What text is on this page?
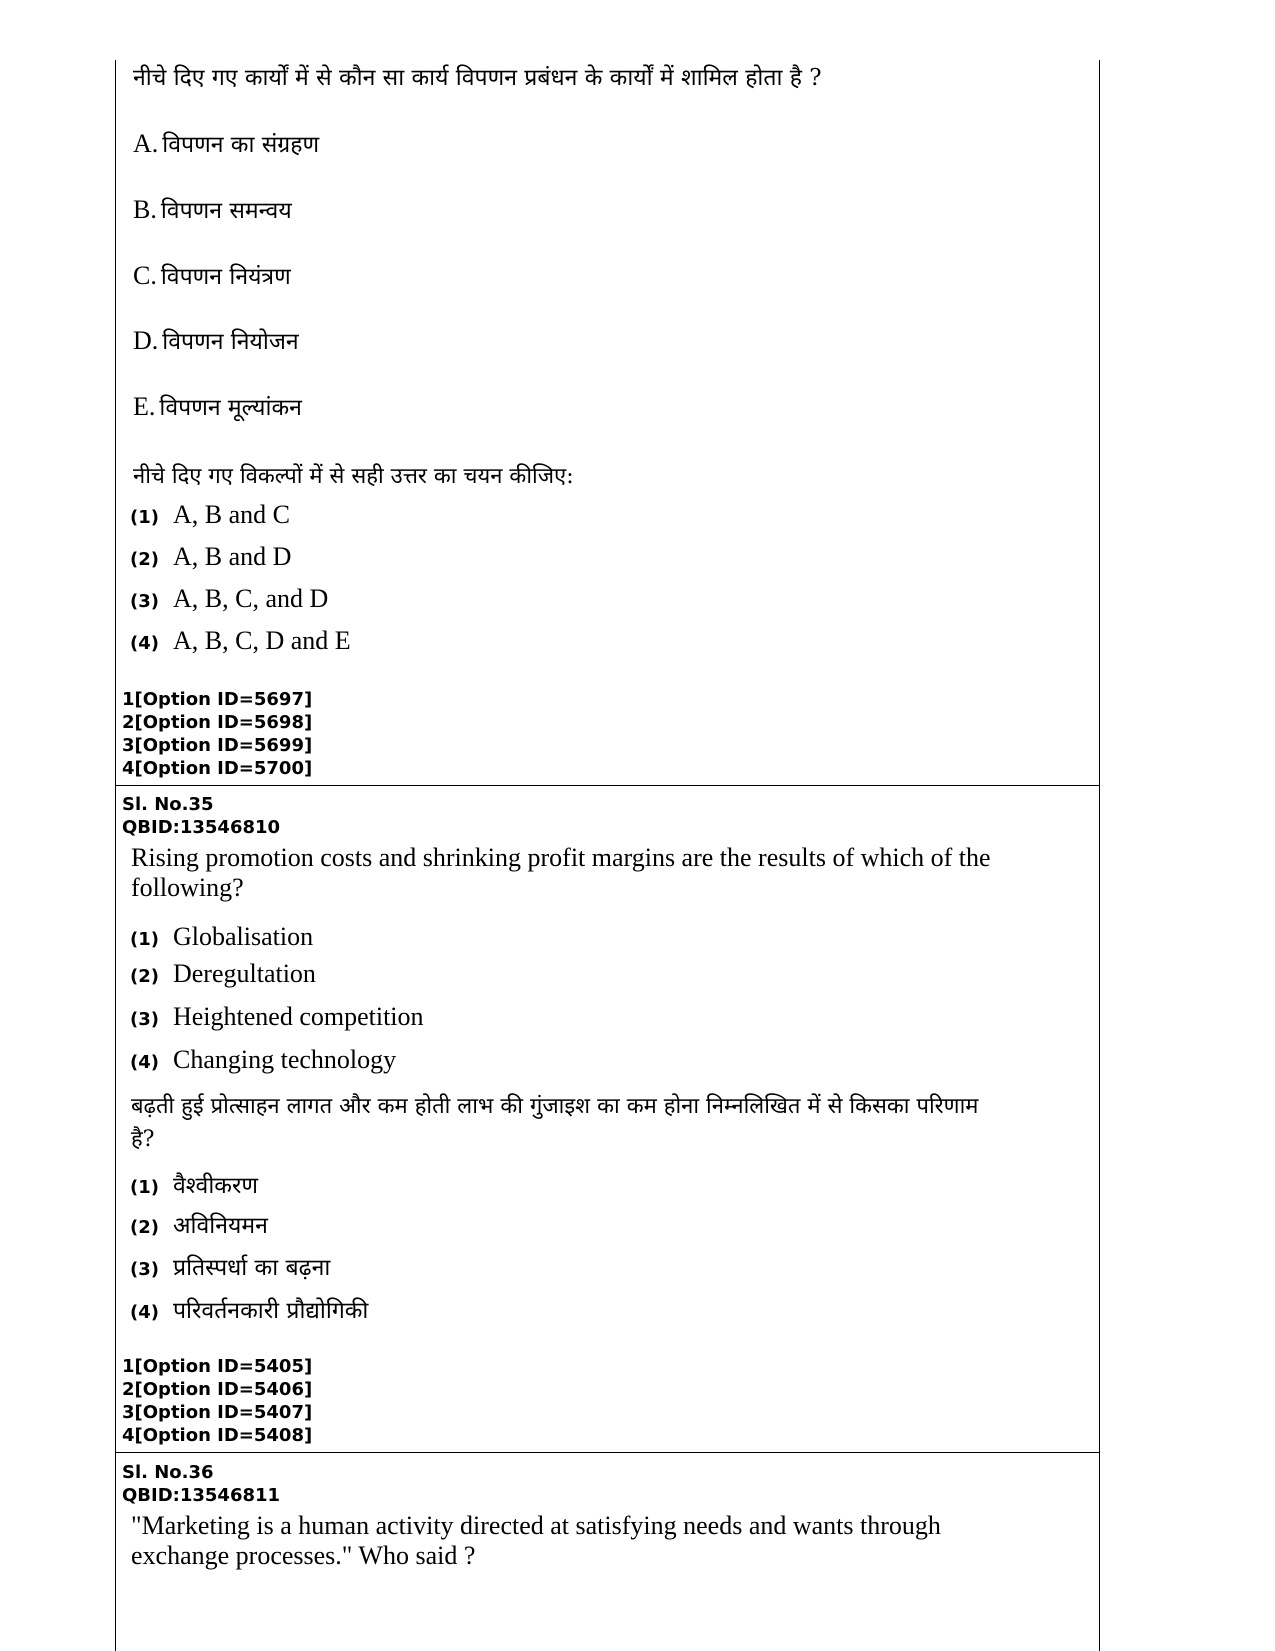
नीचे दिए गए कार्यों में से कौन सा कार्य विपणन प्रबंधन के कार्यों में शामिल होता है ?
A. विपणन का संग्रहण
B. विपणन समन्वय
C. विपणन नियंत्रण
D. विपणन नियोजन
E. विपणन मूल्यांकन
नीचे दिए गए विकल्पों में से सही उत्तर का चयन कीजिए:
(1) A, B and C
(2) A, B and D
(3) A, B, C, and D
(4) A, B, C, D and E
1[Option ID=5697]
2[Option ID=5698]
3[Option ID=5699]
4[Option ID=5700]
Sl. No.35
QBID:13546810
Rising promotion costs and shrinking profit margins are the results of which of the following?
(1) Globalisation
(2) Deregultation
(3) Heightened competition
(4) Changing technology
बढ़ती हुई प्रोत्साहन लागत और कम होती लाभ की गुंजाइश का कम होना निम्नलिखित में से किसका परिणाम है?
(1) वैश्वीकरण
(2) अविनियमन
(3) प्रतिस्पर्धा का बढ़ना
(4) परिवर्तनकारी प्रौद्योगिकी
1[Option ID=5405]
2[Option ID=5406]
3[Option ID=5407]
4[Option ID=5408]
Sl. No.36
QBID:13546811
"Marketing is a human activity directed at satisfying needs and wants through exchange processes." Who said ?
